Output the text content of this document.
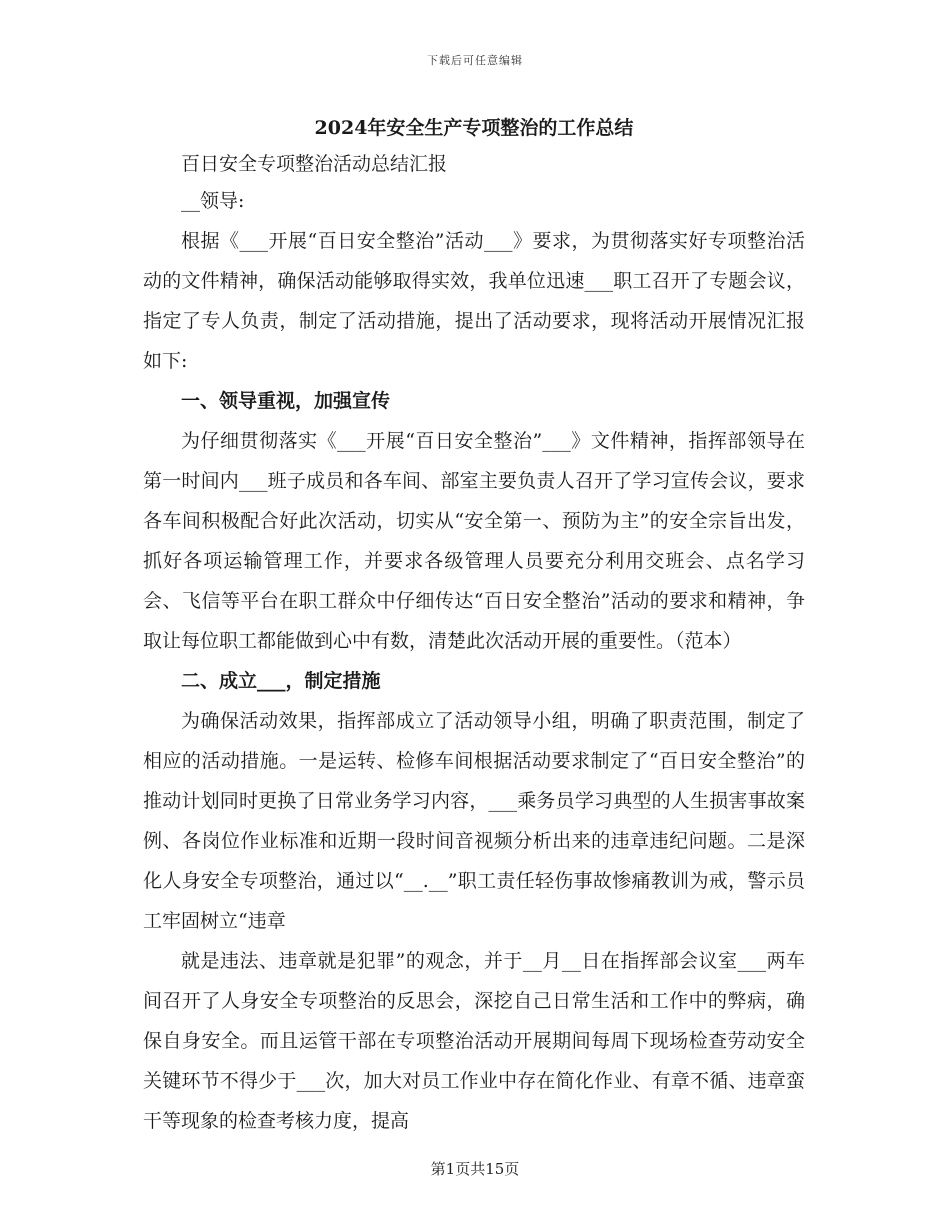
下载后可任意编辑
2024年安全生产专项整治的工作总结

百日安全专项整治活动总结汇报

__领导:

根据《___开展“百日安全整治”活动___》要求，为贯彻落实好专项整治活动的文件精神，确保活动能够取得实效，我单位迅速___职工召开了专题会议，指定了专人负责，制定了活动措施，提出了活动要求，现将活动开展情况汇报如下:

一、领导重视，加强宣传

为仔细贯彻落实《___开展“百日安全整治”___》文件精神，指挥部领导在第一时间内___班子成员和各车间、部室主要负责人召开了学习宣传会议，要求各车间积极配合好此次活动，切实从“安全第一、预防为主”的安全宗旨出发，抓好各项运输管理工作，并要求各级管理人员要充分利用交班会、点名学习会、飞信等平台在职工群众中仔细传达“百日安全整治”活动的要求和精神，争取让每位职工都能做到心中有数，清楚此次活动开展的重要性。（范本）

二、成立___，制定措施

为确保活动效果，指挥部成立了活动领导小组，明确了职责范围，制定了相应的活动措施。一是运转、检修车间根据活动要求制定了“百日安全整治”的推动计划同时更换了日常业务学习内容，___乘务员学习典型的人生损害事故案例、各岗位作业标准和近期一段时间音视频分析出来的违章违纪问题。二是深化人身安全专项整治，通过以“__.__”职工责任轻伤事故惨痛教训为戒，警示员工牢固树立“违章

就是违法、违章就是犯罪”的观念，并于__月__日在指挥部会议室___两车间召开了人身安全专项整治的反思会，深挖自己日常生活和工作中的弊病，确保自身安全。而且运管干部在专项整治活动开展期间每周下现场检查劳动安全关键环节不得少于___次，加大对员工作业中存在简化作业、有章不循、违章蛮干等现象的检查考核力度，提高

第1页共15页
